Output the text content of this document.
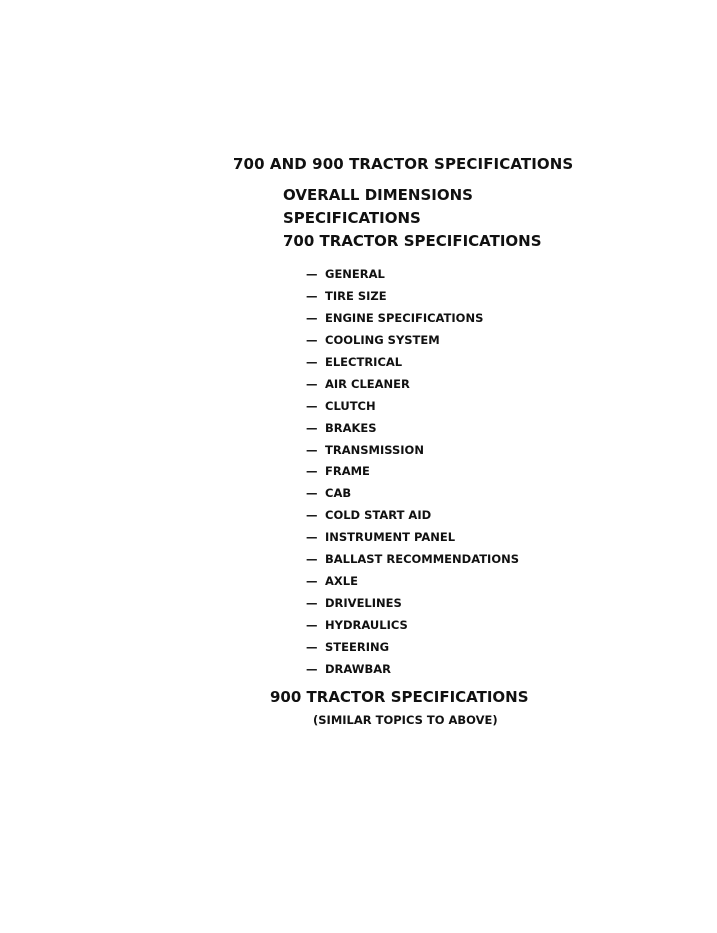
700 AND 900 TRACTOR SPECIFICATIONS
OVERALL DIMENSIONS
SPECIFICATIONS
700 TRACTOR SPECIFICATIONS
— GENERAL
— TIRE SIZE
— ENGINE SPECIFICATIONS
— COOLING SYSTEM
— ELECTRICAL
— AIR CLEANER
— CLUTCH
— BRAKES
— TRANSMISSION
— FRAME
— CAB
— COLD START AID
— INSTRUMENT PANEL
— BALLAST RECOMMENDATIONS
— AXLE
— DRIVELINES
— HYDRAULICS
— STEERING
— DRAWBAR
900 TRACTOR SPECIFICATIONS
(SIMILAR TOPICS TO ABOVE)
